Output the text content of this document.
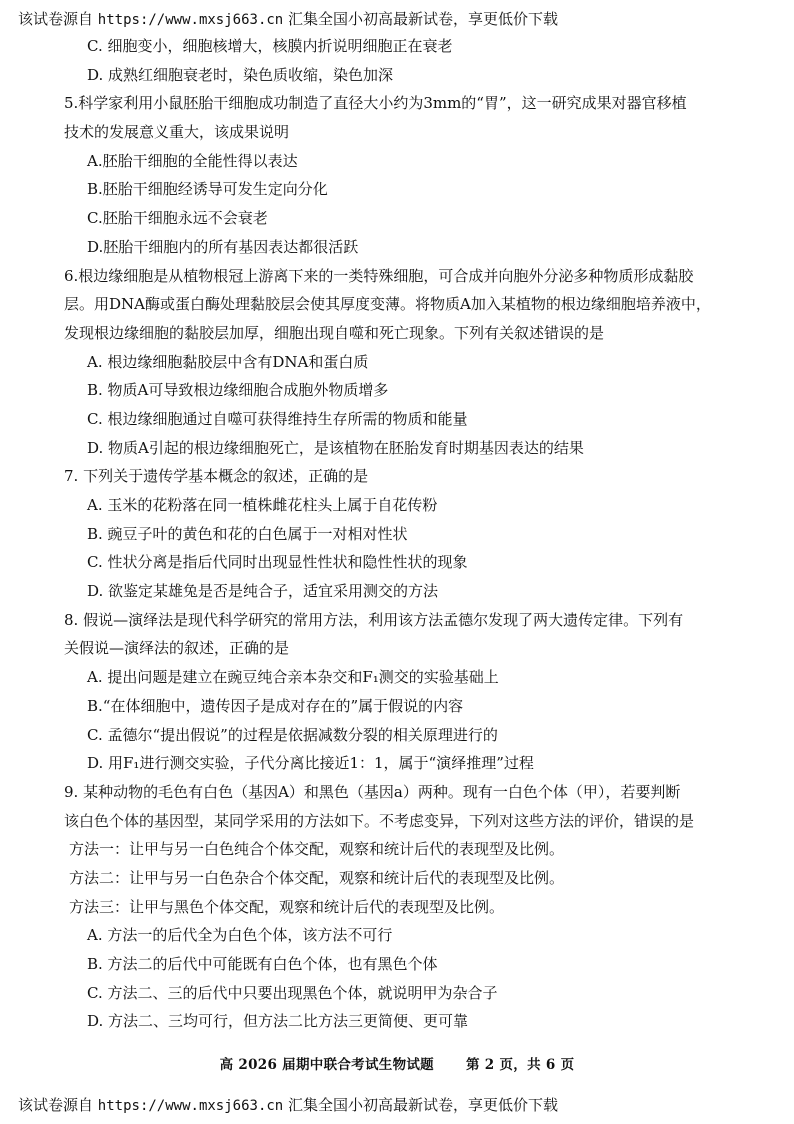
该试卷源自 https://www.mxsj663.cn 汇集全国小初高最新试卷，享更低价下载
C. 细胞变小，细胞核增大，核膜内折说明细胞正在衰老
D. 成熟红细胞衰老时，染色质收缩，染色加深
5.科学家利用小鼠胚胎干细胞成功制造了直径大小约为3mm的“胃”，这一研究成果对器官移植
技术的发展意义重大，该成果说明
A.胚胎干细胞的全能性得以表达
B.胚胎干细胞经诱导可发生定向分化
C.胚胎干细胞永远不会衰老
D.胚胎干细胞内的所有基因表达都很活跃
6.根边缘细胞是从植物根冠上游离下来的一类特殊细胞，可合成并向胞外分泌多种物质形成黏胶
层。用DNA酶或蛋白酶处理黏胶层会使其厚度变薄。将物质A加入某植物的根边缘细胞培养液中，
发现根边缘细胞的黏胶层加厚，细胞出现自噬和死亡现象。下列有关叙述错误的是
A. 根边缘细胞黏胶层中含有DNA和蛋白质
B. 物质A可导致根边缘细胞合成胞外物质增多
C. 根边缘细胞通过自噬可获得维持生存所需的物质和能量
D. 物质A引起的根边缘细胞死亡，是该植物在胚胎发育时期基因表达的结果
7. 下列关于遗传学基本概念的叙述，正确的是
A. 玉米的花粉落在同一植株雌花柱头上属于自花传粉
B. 豌豆子叶的黄色和花的白色属于一对相对性状
C. 性状分离是指后代同时出现显性性状和隐性性状的现象
D. 欲鉴定某雄兔是否是纯合子，适宜采用测交的方法
8. 假说—演绎法是现代科学研究的常用方法，利用该方法孟德尔发现了两大遗传定律。下列有
关假说—演绎法的叙述，正确的是
A. 提出问题是建立在豌豆纯合亲本杂交和F₁测交的实验基础上
B.“在体细胞中，遗传因子是成对存在的”属于假说的内容
C. 孟德尔“提出假说”的过程是依据减数分裂的相关原理进行的
D. 用F₁进行测交实验，子代分离比接近1：1，属于“演绎推理”过程
9. 某种动物的毛色有白色（基因A）和黑色（基因a）两种。现有一白色个体（甲），若要判断
该白色个体的基因型，某同学采用的方法如下。不考虑变异，下列对这些方法的评价，错误的是
方法一：让甲与另一白色纯合个体交配，观察和统计后代的表现型及比例。
方法二：让甲与另一白色杂合个体交配，观察和统计后代的表现型及比例。
方法三：让甲与黑色个体交配，观察和统计后代的表现型及比例。
A. 方法一的后代全为白色个体，该方法不可行
B. 方法二的后代中可能既有白色个体，也有黑色个体
C. 方法二、三的后代中只要出现黑色个体，就说明甲为杂合子
D. 方法二、三均可行，但方法二比方法三更简便、更可靠
高 2026 届期中联合考试生物试题 第 2 页，共 6 页
该试卷源自 https://www.mxsj663.cn 汇集全国小初高最新试卷，享更低价下载
